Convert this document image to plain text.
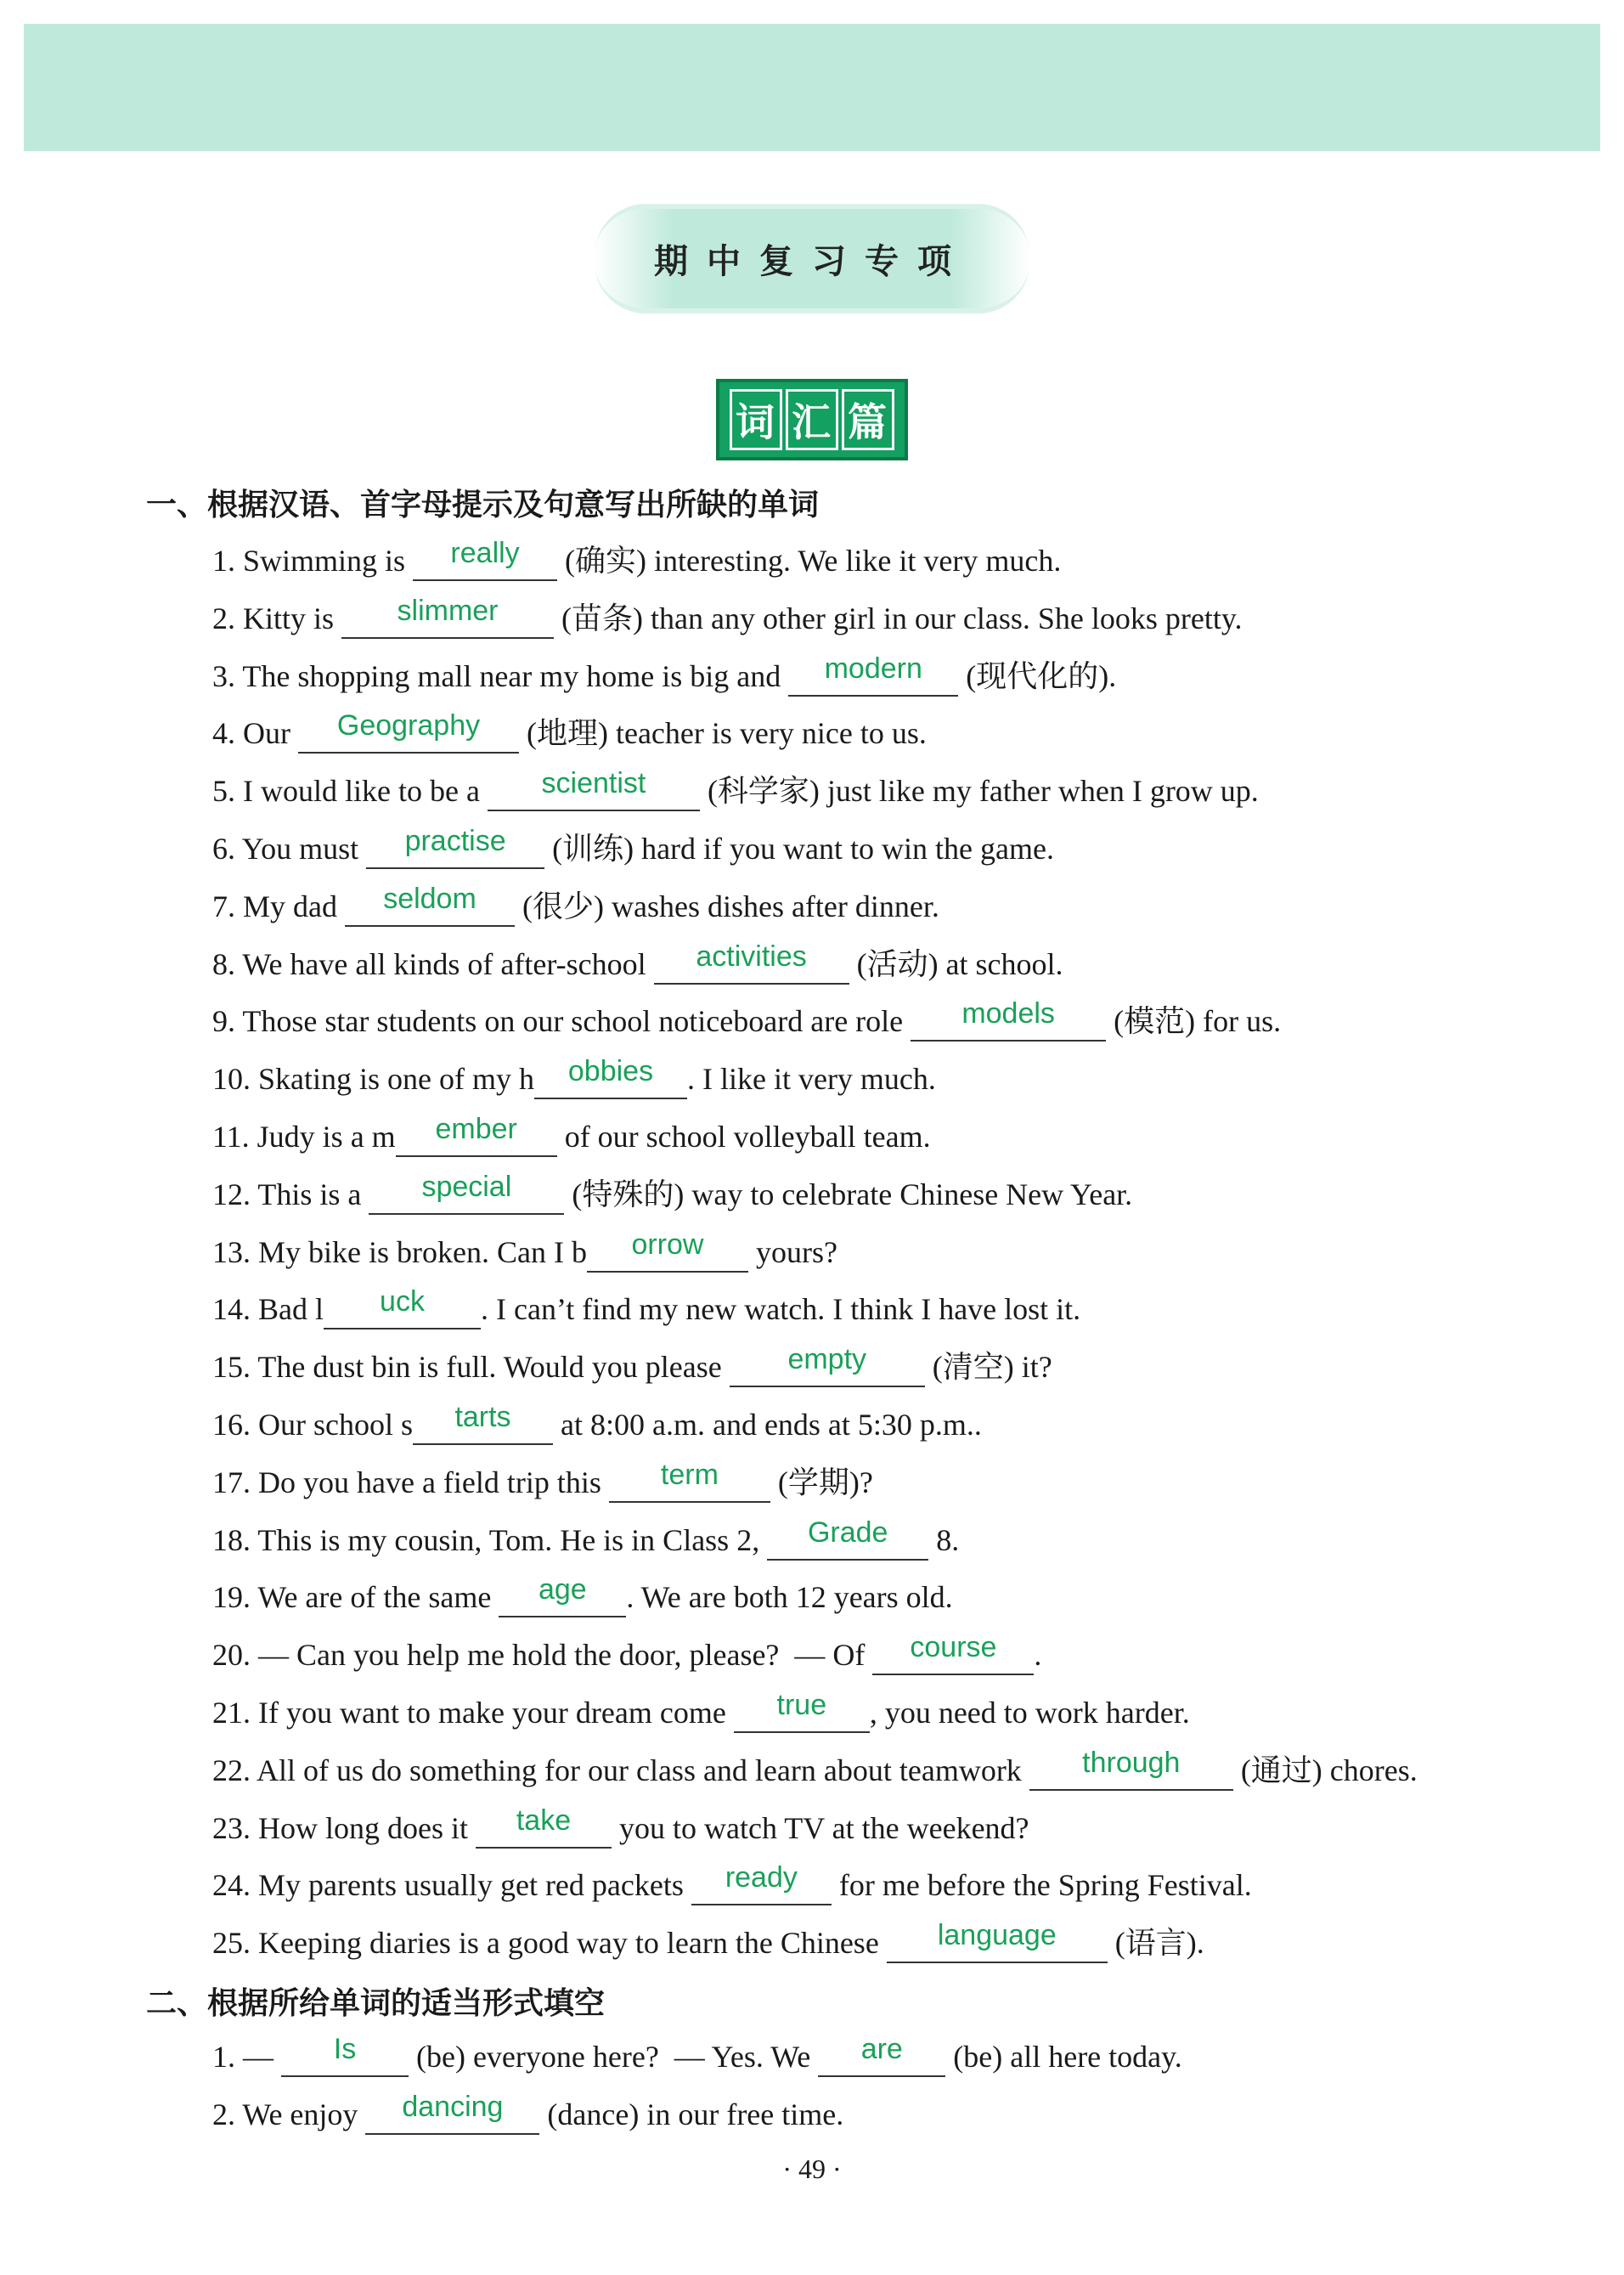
期中复习专项
词 汇 篇
一、根据汉语、首字母提示及句意写出所缺的单词
1. Swimming is really (确实) interesting. We like it very much.
2. Kitty is slimmer (苗条) than any other girl in our class. She looks pretty.
3. The shopping mall near my home is big and modern (现代化的).
4. Our Geography (地理) teacher is very nice to us.
5. I would like to be a scientist (科学家) just like my father when I grow up.
6. You must practise (训练) hard if you want to win the game.
7. My dad seldom (很少) washes dishes after dinner.
8. We have all kinds of after-school activities (活动) at school.
9. Those star students on our school noticeboard are role models (模范) for us.
10. Skating is one of my h obbies . I like it very much.
11. Judy is a m ember of our school volleyball team.
12. This is a special (特殊的) way to celebrate Chinese New Year.
13. My bike is broken. Can I b orrow yours?
14. Bad l uck . I can’t find my new watch. I think I have lost it.
15. The dust bin is full. Would you please empty (清空) it?
16. Our school s tarts at 8:00 a.m. and ends at 5:30 p.m..
17. Do you have a field trip this term (学期)?
18. This is my cousin, Tom. He is in Class 2, Grade 8.
19. We are of the same age . We are both 12 years old.
20. — Can you help me hold the door, please?  — Of course .
21. If you want to make your dream come true , you need to work harder.
22. All of us do something for our class and learn about teamwork through (通过) chores.
23. How long does it take you to watch TV at the weekend?
24. My parents usually get red packets ready for me before the Spring Festival.
25. Keeping diaries is a good way to learn the Chinese language (语言).
二、根据所给单词的适当形式填空
1. — Is (be) everyone here?  — Yes. We are (be) all here today.
2. We enjoy dancing (dance) in our free time.
· 49 ·
